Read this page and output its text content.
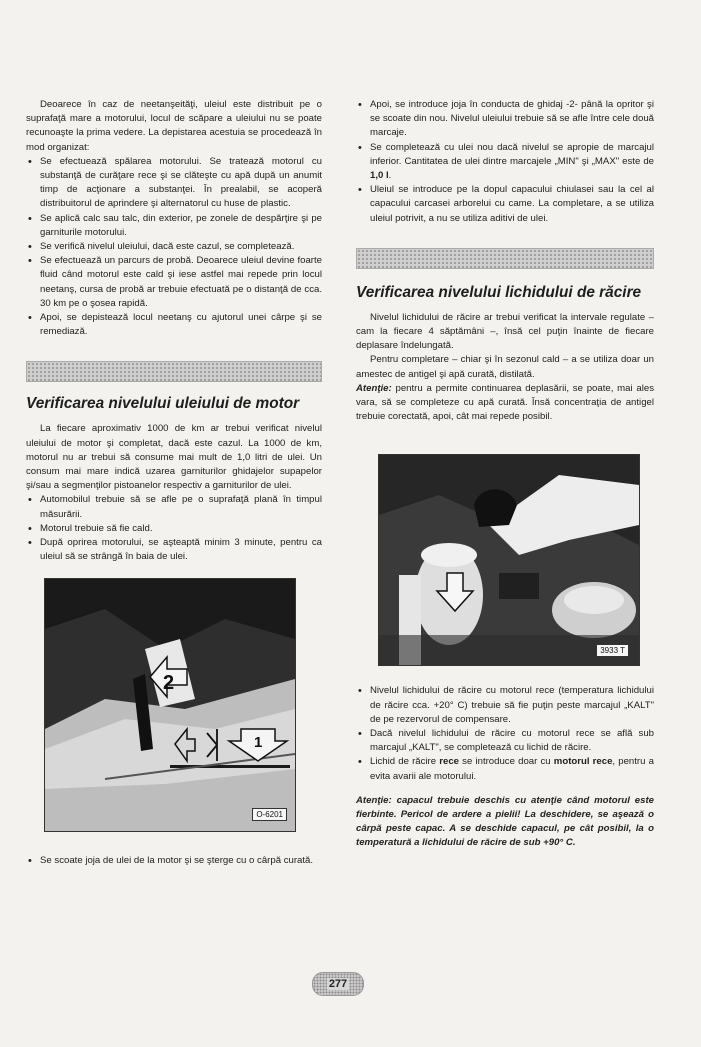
Deoarece în caz de neetanşeităţi, uleiul este distribuit pe o suprafaţă mare a motorului, locul de scăpare a uleiului nu se poate recunoaşte la prima vedere. La depistarea acestuia se procedează în mod organizat:

• Se efectuează spălarea motorului. Se tratează motorul cu substanţă de curăţare rece şi se clăteşte cu apă după un anumit timp de acţionare a substanţei. În prealabil, se acoperă distribuitorul de aprindere şi alternatorul cu huse de plastic.
• Se aplică calc sau talc, din exterior, pe zonele de despărţire şi pe garniturile motorului.
• Se verifică nivelul uleiului, dacă este cazul, se completează.
• Se efectuează un parcurs de probă. Deoarece uleiul devine foarte fluid când motorul este cald şi iese astfel mai repede prin locul neetanş, cursa de probă ar trebuie efectuată pe o distanţă de cca. 30 km pe o şosea rapidă.
• Apoi, se depistează locul neetanş cu ajutorul unei cârpe şi se remediază.
Verificarea nivelului uleiului de motor

La fiecare aproximativ 1000 de km ar trebui verificat nivelul uleiului de motor şi completat, dacă este cazul. La 1000 de km, motorul nu ar trebui să consume mai mult de 1,0 litri de ulei. Un consum mai mare indică uzarea garniturilor ghidajelor supapelor şi/sau a segmenţilor pistoanelor respectiv a garniturilor de ulei.

• Automobilul trebuie să se afle pe o suprafaţă plană în timpul măsurării.
• Motorul trebuie să fie cald.
• După oprirea motorului, se aşteaptă minim 3 minute, pentru ca uleiul să se strângă în baia de ulei.
2
1
O-6201
• Se scoate joja de ulei de la motor şi se şterge cu o cârpă curată.
• Apoi, se introduce joja în conducta de ghidaj -2- până la opritor şi se scoate din nou. Nivelul uleiului trebuie să se afle între cele două marcaje.
• Se completează cu ulei nou dacă nivelul se apropie de marcajul inferior. Cantitatea de ulei dintre marcajele „MIN" şi „MAX" este de 1,0 l.
• Uleiul se introduce pe la dopul capacului chiulasei sau la cel al capacului carcasei arborelui cu came. La completare, a se utiliza uleiul potrivit, a nu se utiliza aditivi de ulei.
Verificarea nivelului lichidului de răcire

Nivelul lichidului de răcire ar trebui verificat la intervale regulate – cam la fiecare 4 săptămâni –, însă cel puţin înainte de fiecare deplasare îndelungată.

Pentru completare – chiar şi în sezonul cald – a se utiliza doar un amestec de antigel şi apă curată, distilată.

Atenţie: pentru a permite continuarea deplasării, se poate, mai ales vara, să se completeze cu apă curată. Însă concentraţia de antigel trebuie corectată, apoi, cât mai repede posibil.

3933 T
• Nivelul lichidului de răcire cu motorul rece (temperatura lichidului de răcire cca. +20° C) trebuie să fie puţin peste marcajul „KALT" de pe rezervorul de compensare.
• Dacă nivelul lichidului de răcire cu motorul rece se află sub marcajul „KALT", se completează cu lichid de răcire.
• Lichid de răcire rece se introduce doar cu motorul rece, pentru a evita avarii ale motorului.

Atenţie: capacul trebuie deschis cu atenţie când motorul este fierbinte. Pericol de ardere a pielii! La deschidere, se aşează o cârpă peste capac. A se deschide capacul, pe cât posibil, la o temperatură a lichidului de răcire de sub +90° C.

277
